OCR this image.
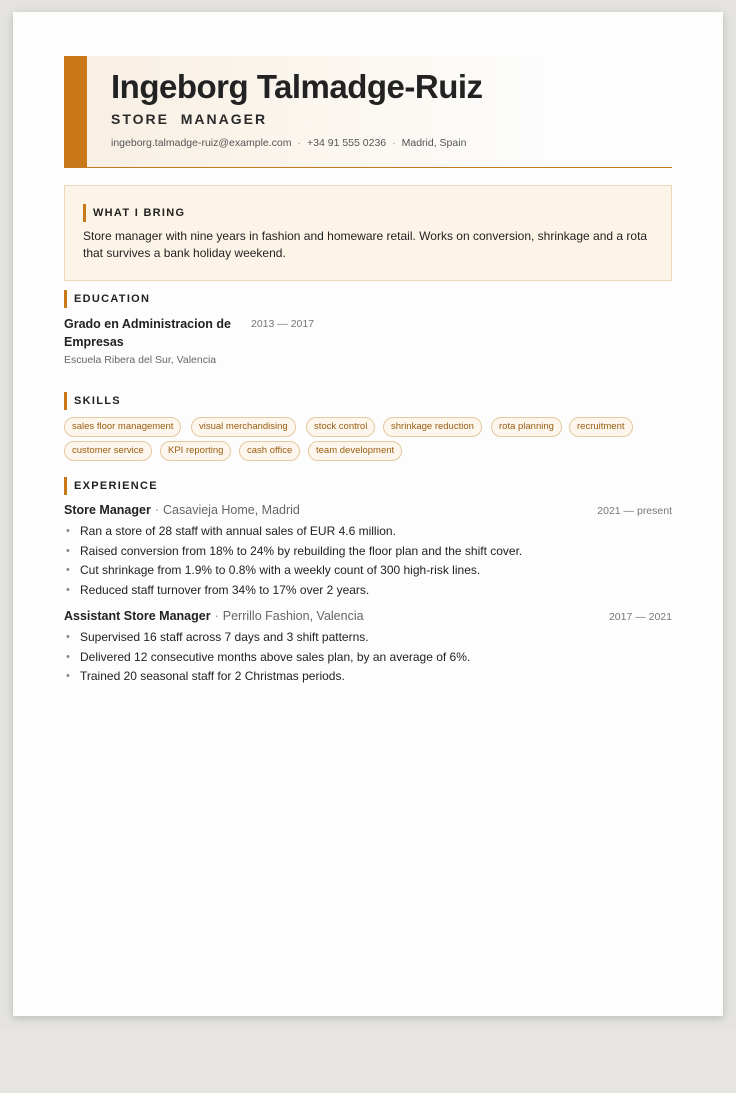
Ingeborg Talmadge-Ruiz
STORE  MANAGER
ingeborg.talmadge-ruiz@example.com · +34 91 555 0236 · Madrid, Spain
WHAT I BRING
Store manager with nine years in fashion and homeware retail. Works on conversion, shrinkage and a rota that survives a bank holiday weekend.
EDUCATION
Grado en Administracion de Empresas
2013 — 2017
Escuela Ribera del Sur, Valencia
SKILLS
sales floor management	visual merchandising	stock control	shrinkage reduction	rota planning	recruitment
customer service	KPI reporting	cash office	team development
EXPERIENCE
Store Manager · Casavieja Home, Madrid	2021 — present
• Ran a store of 28 staff with annual sales of EUR 4.6 million.
• Raised conversion from 18% to 24% by rebuilding the floor plan and the shift cover.
• Cut shrinkage from 1.9% to 0.8% with a weekly count of 300 high-risk lines.
• Reduced staff turnover from 34% to 17% over 2 years.
Assistant Store Manager · Perrillo Fashion, Valencia	2017 — 2021
• Supervised 16 staff across 7 days and 3 shift patterns.
• Delivered 12 consecutive months above sales plan, by an average of 6%.
• Trained 20 seasonal staff for 2 Christmas periods.
